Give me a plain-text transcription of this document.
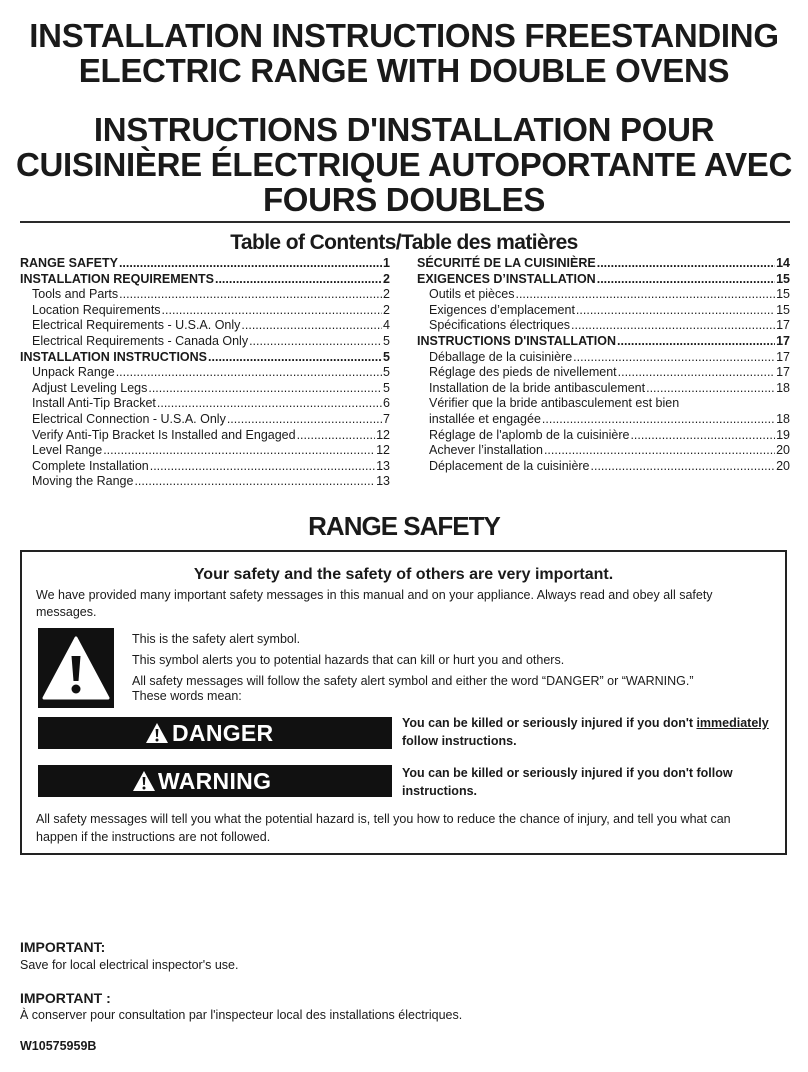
INSTALLATION INSTRUCTIONS FREESTANDING
ELECTRIC RANGE WITH DOUBLE OVENS
INSTRUCTIONS D'INSTALLATION POUR
CUISINIÈRE ÉLECTRIQUE AUTOPORTANTE AVEC
FOURS DOUBLES
Table of Contents/Table des matières
RANGE SAFETY .....	1
INSTALLATION REQUIREMENTS .....	2
Tools and Parts .....	2
Location Requirements .....	2
Electrical Requirements - U.S.A. Only .....	4
Electrical Requirements - Canada Only .....	5
INSTALLATION INSTRUCTIONS .....	5
Unpack Range .....	5
Adjust Leveling Legs .....	5
Install Anti-Tip Bracket .....	6
Electrical Connection - U.S.A. Only .....	7
Verify Anti-Tip Bracket Is Installed and Engaged .....	12
Level Range .....	12
Complete Installation .....	13
Moving the Range .....	13
SÉCURITÉ DE LA CUISINIÈRE .....	14
EXIGENCES D’INSTALLATION .....	15
Outils et pièces .....	15
Exigences d’emplacement .....	15
Spécifications électriques .....	17
INSTRUCTIONS D'INSTALLATION .....	17
Déballage de la cuisinière .....	17
Réglage des pieds de nivellement .....	17
Installation de la bride antibasculement .....	18
Vérifier que la bride antibasculement est bien
installée et engagée .....	18
Réglage de l'aplomb de la cuisinière .....	19
Achever l’installation .....	20
Déplacement de la cuisinière .....	20
RANGE SAFETY
Your safety and the safety of others are very important.
We have provided many important safety messages in this manual and on your appliance. Always read and obey all safety messages.
This is the safety alert symbol.
This symbol alerts you to potential hazards that can kill or hurt you and others.
All safety messages will follow the safety alert symbol and either the word “DANGER” or “WARNING.”
These words mean:
DANGER	You can be killed or seriously injured if you don't immediately
follow instructions.
WARNING	You can be killed or seriously injured if you don't follow instructions.
All safety messages will tell you what the potential hazard is, tell you how to reduce the chance of injury, and tell you what can happen if the instructions are not followed.
IMPORTANT:
Save for local electrical inspector's use.
IMPORTANT :
À conserver pour consultation par l'inspecteur local des installations électriques.
W10575959B
